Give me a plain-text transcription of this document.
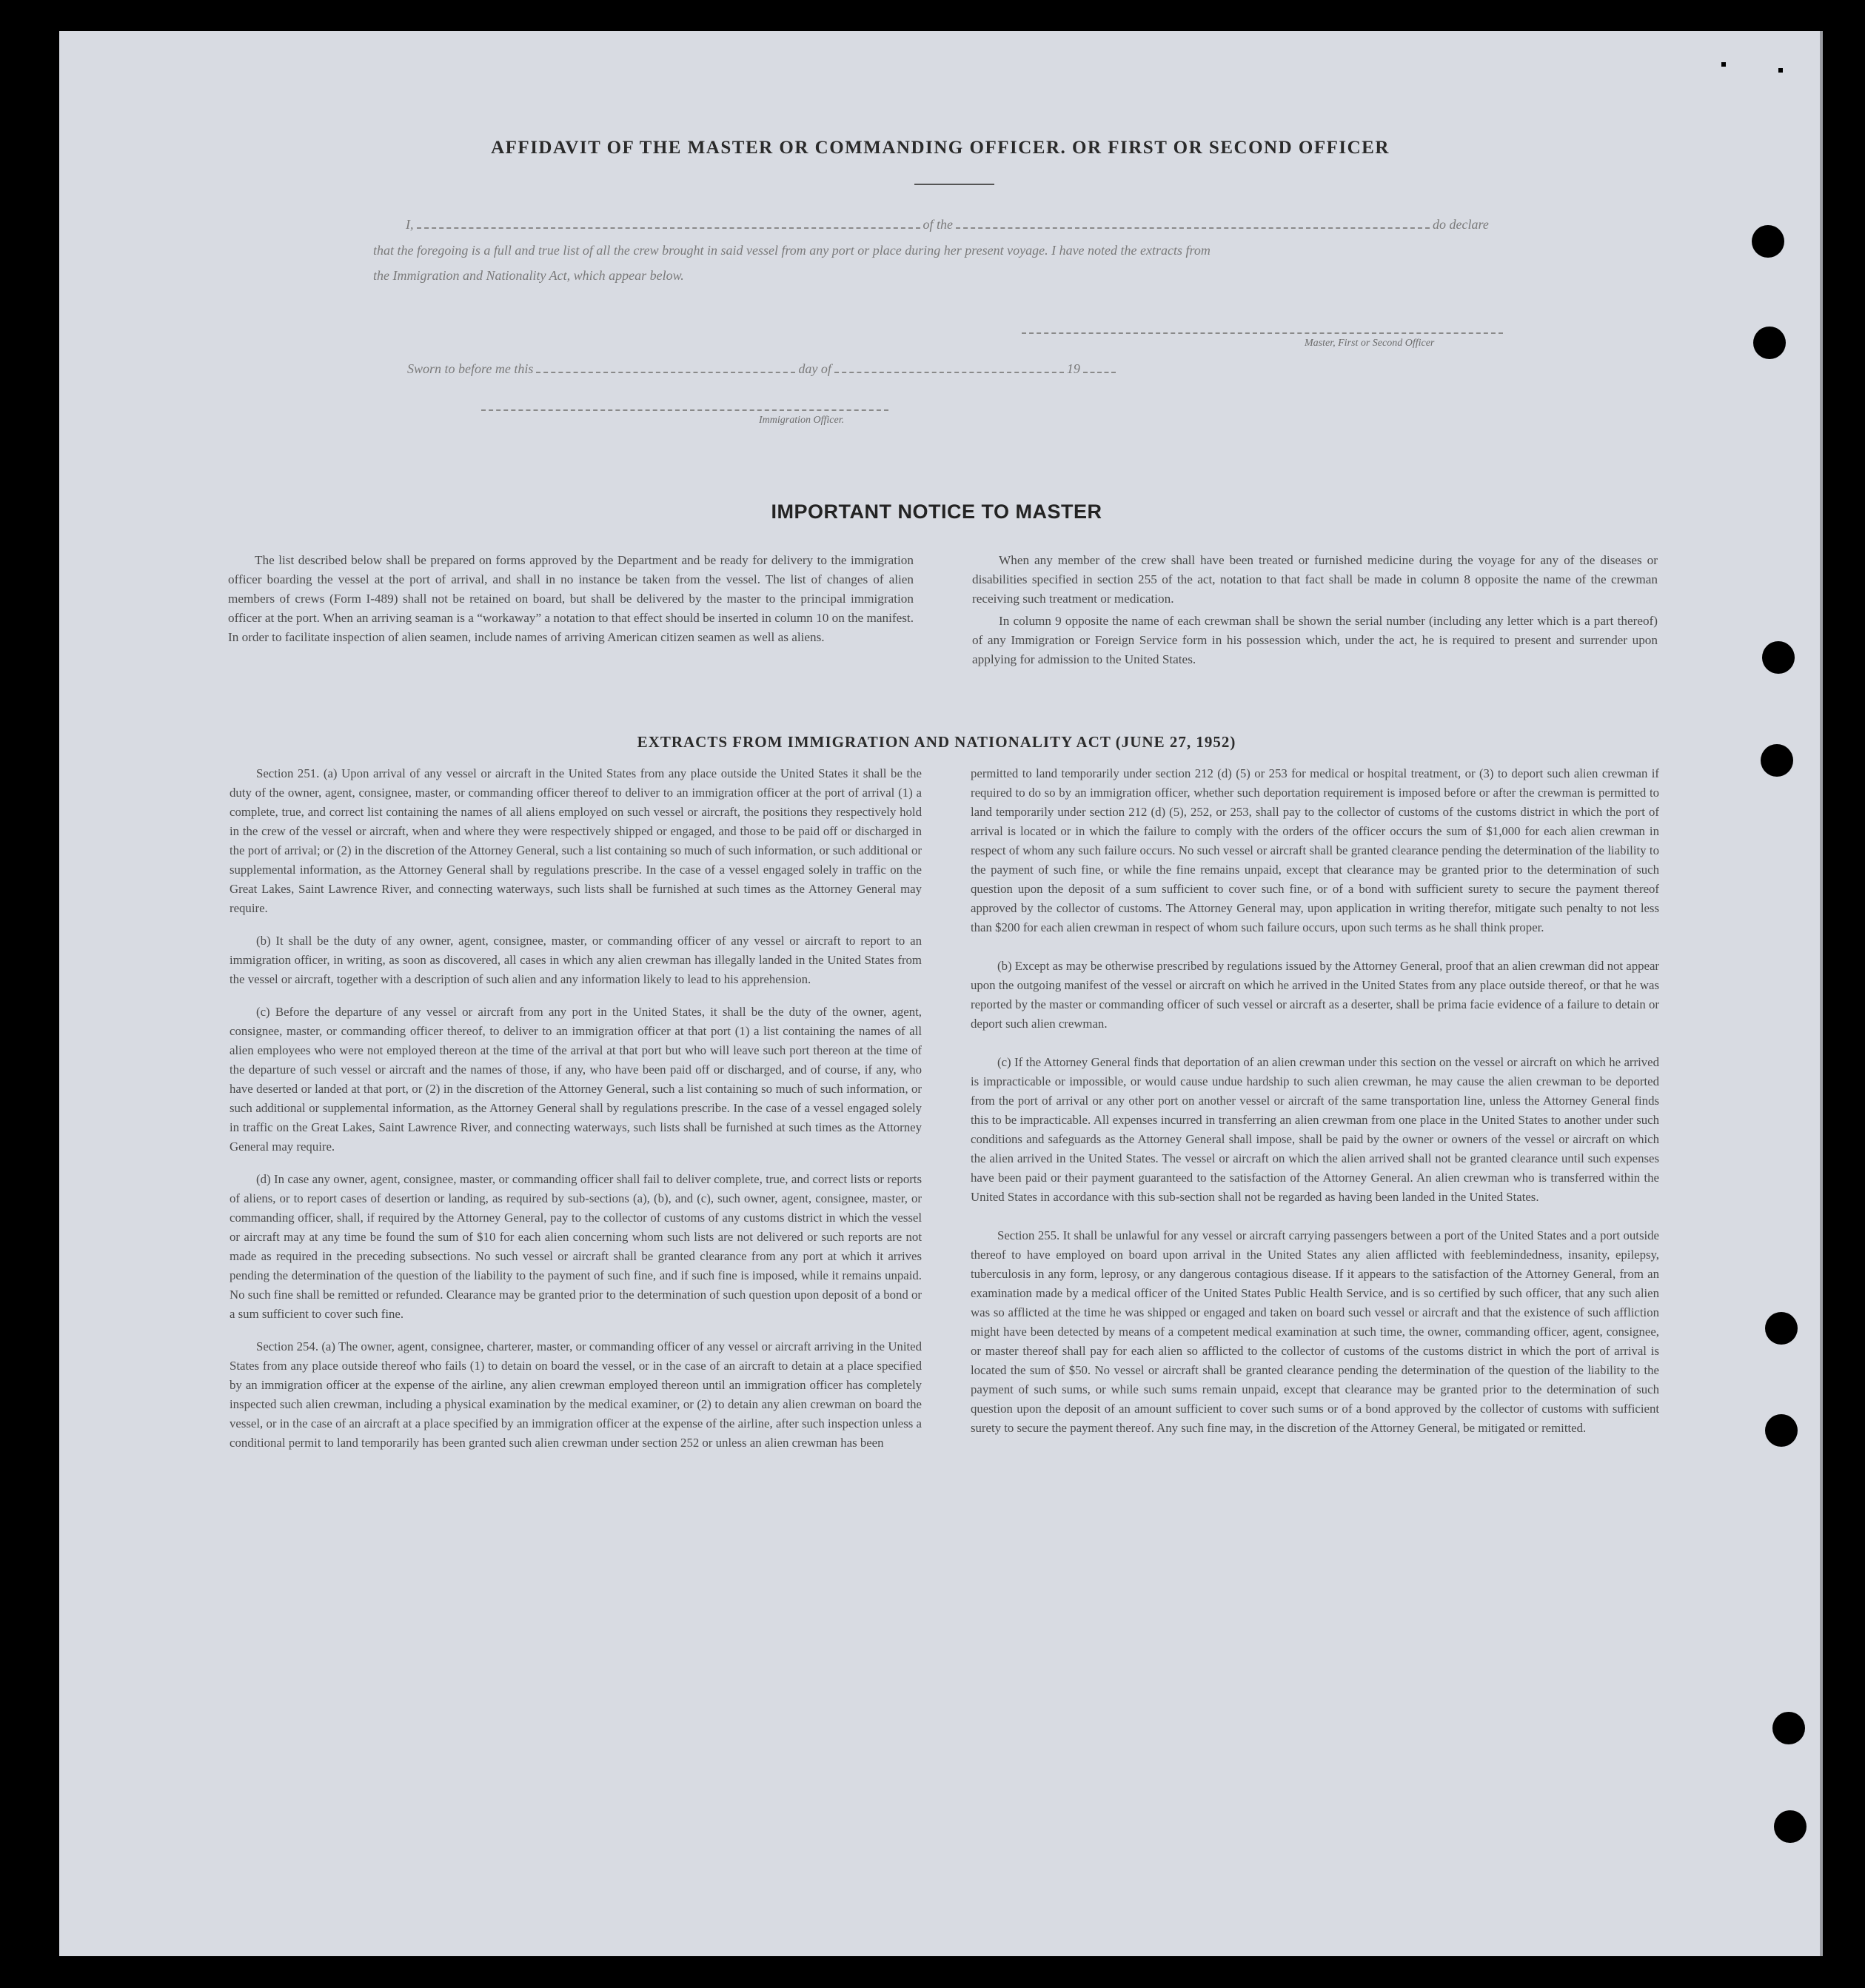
AFFIDAVIT OF THE MASTER OR COMMANDING OFFICER. OR FIRST OR SECOND OFFICER
I,	of the	do declare
that the foregoing is a full and true list of all the crew brought in said vessel from any port or place during her present voyage. I have noted the extracts from
the Immigration and Nationality Act, which appear below.
Master, First or Second Officer
Sworn to before me this	day of	19
Immigration Officer.
IMPORTANT NOTICE TO MASTER

The list described below shall be prepared on forms approved by the Department and be ready for delivery to the immigration officer boarding the vessel at the port of arrival, and shall in no instance be taken from the vessel. The list of changes of alien members of crews (Form I-489) shall not be retained on board, but shall be delivered by the master to the principal immigration officer at the port. When an arriving seaman is a “workaway” a notation to that effect should be inserted in column 10 on the manifest. In order to facilitate inspection of alien seamen, include names of arriving American citizen seamen as well as aliens.

When any member of the crew shall have been treated or furnished medicine during the voyage for any of the diseases or disabilities specified in section 255 of the act, notation to that fact shall be made in column 8 opposite the name of the crewman receiving such treatment or medication.

In column 9 opposite the name of each crewman shall be shown the serial number (including any letter which is a part thereof) of any Immigration or Foreign Service form in his possession which, under the act, he is required to present and surrender upon applying for admission to the United States.

EXTRACTS FROM IMMIGRATION AND NATIONALITY ACT (JUNE 27, 1952)

Section 251. (a) Upon arrival of any vessel or aircraft in the United States from any place outside the United States it shall be the duty of the owner, agent, consignee, master, or commanding officer thereof to deliver to an immigration officer at the port of arrival (1) a complete, true, and correct list containing the names of all aliens employed on such vessel or aircraft, the positions they respectively hold in the crew of the vessel or aircraft, when and where they were respectively shipped or engaged, and those to be paid off or discharged in the port of arrival; or (2) in the discretion of the Attorney General, such a list containing so much of such information, or such additional or supplemental information, as the Attorney General shall by regulations prescribe. In the case of a vessel engaged solely in traffic on the Great Lakes, Saint Lawrence River, and connecting waterways, such lists shall be furnished at such times as the Attorney General may require.

(b) It shall be the duty of any owner, agent, consignee, master, or commanding officer of any vessel or aircraft to report to an immigration officer, in writing, as soon as discovered, all cases in which any alien crewman has illegally landed in the United States from the vessel or aircraft, together with a description of such alien and any information likely to lead to his apprehension.

(c) Before the departure of any vessel or aircraft from any port in the United States, it shall be the duty of the owner, agent, consignee, master, or commanding officer thereof, to deliver to an immigration officer at that port (1) a list containing the names of all alien employees who were not employed thereon at the time of the arrival at that port but who will leave such port thereon at the time of the departure of such vessel or aircraft and the names of those, if any, who have been paid off or discharged, and of course, if any, who have deserted or landed at that port, or (2) in the discretion of the Attorney General, such a list containing so much of such information, or such additional or supplemental information, as the Attorney General shall by regulations prescribe. In the case of a vessel engaged solely in traffic on the Great Lakes, Saint Lawrence River, and connecting waterways, such lists shall be furnished at such times as the Attorney General may require.

(d) In case any owner, agent, consignee, master, or commanding officer shall fail to deliver complete, true, and correct lists or reports of aliens, or to report cases of desertion or landing, as required by sub-sections (a), (b), and (c), such owner, agent, consignee, master, or commanding officer, shall, if required by the Attorney General, pay to the collector of customs of any customs district in which the vessel or aircraft may at any time be found the sum of $10 for each alien concerning whom such lists are not delivered or such reports are not made as required in the preceding subsections. No such vessel or aircraft shall be granted clearance from any port at which it arrives pending the determination of the question of the liability to the payment of such fine, and if such fine is imposed, while it remains unpaid. No such fine shall be remitted or refunded. Clearance may be granted prior to the determination of such question upon deposit of a bond or a sum sufficient to cover such fine.

Section 254. (a) The owner, agent, consignee, charterer, master, or commanding officer of any vessel or aircraft arriving in the United States from any place outside thereof who fails (1) to detain on board the vessel, or in the case of an aircraft to detain at a place specified by an immigration officer at the expense of the airline, any alien crewman employed thereon until an immigration officer has completely inspected such alien crewman, including a physical examination by the medical examiner, or (2) to detain any alien crewman on board the vessel, or in the case of an aircraft at a place specified by an immigration officer at the expense of the airline, after such inspection unless a conditional permit to land temporarily has been granted such alien crewman under section 252 or unless an alien crewman has been

permitted to land temporarily under section 212 (d) (5) or 253 for medical or hospital treatment, or (3) to deport such alien crewman if required to do so by an immigration officer, whether such deportation requirement is imposed before or after the crewman is permitted to land temporarily under section 212 (d) (5), 252, or 253, shall pay to the collector of customs of the customs district in which the port of arrival is located or in which the failure to comply with the orders of the officer occurs the sum of $1,000 for each alien crewman in respect of whom any such failure occurs. No such vessel or aircraft shall be granted clearance pending the determination of the liability to the payment of such fine, or while the fine remains unpaid, except that clearance may be granted prior to the determination of such question upon the deposit of a sum sufficient to cover such fine, or of a bond with sufficient surety to secure the payment thereof approved by the collector of customs. The Attorney General may, upon application in writing therefor, mitigate such penalty to not less than $200 for each alien crewman in respect of whom such failure occurs, upon such terms as he shall think proper.

(b) Except as may be otherwise prescribed by regulations issued by the Attorney General, proof that an alien crewman did not appear upon the outgoing manifest of the vessel or aircraft on which he arrived in the United States from any place outside thereof, or that he was reported by the master or commanding officer of such vessel or aircraft as a deserter, shall be prima facie evidence of a failure to detain or deport such alien crewman.

(c) If the Attorney General finds that deportation of an alien crewman under this section on the vessel or aircraft on which he arrived is impracticable or impossible, or would cause undue hardship to such alien crewman, he may cause the alien crewman to be deported from the port of arrival or any other port on another vessel or aircraft of the same transportation line, unless the Attorney General finds this to be impracticable. All expenses incurred in transferring an alien crewman from one place in the United States to another under such conditions and safeguards as the Attorney General shall impose, shall be paid by the owner or owners of the vessel or aircraft on which the alien arrived in the United States. The vessel or aircraft on which the alien arrived shall not be granted clearance until such expenses have been paid or their payment guaranteed to the satisfaction of the Attorney General. An alien crewman who is transferred within the United States in accordance with this sub-section shall not be regarded as having been landed in the United States.

Section 255. It shall be unlawful for any vessel or aircraft carrying passengers between a port of the United States and a port outside thereof to have employed on board upon arrival in the United States any alien afflicted with feeblemindedness, insanity, epilepsy, tuberculosis in any form, leprosy, or any dangerous contagious disease. If it appears to the satisfaction of the Attorney General, from an examination made by a medical officer of the United States Public Health Service, and is so certified by such officer, that any such alien was so afflicted at the time he was shipped or engaged and taken on board such vessel or aircraft and that the existence of such affliction might have been detected by means of a competent medical examination at such time, the owner, commanding officer, agent, consignee, or master thereof shall pay for each alien so afflicted to the collector of customs of the customs district in which the port of arrival is located the sum of $50. No vessel or aircraft shall be granted clearance pending the determination of the question of the liability to the payment of such sums, or while such sums remain unpaid, except that clearance may be granted prior to the determination of such question upon the deposit of an amount sufficient to cover such sums or of a bond approved by the collector of customs with sufficient surety to secure the payment thereof. Any such fine may, in the discretion of the Attorney General, be mitigated or remitted.
